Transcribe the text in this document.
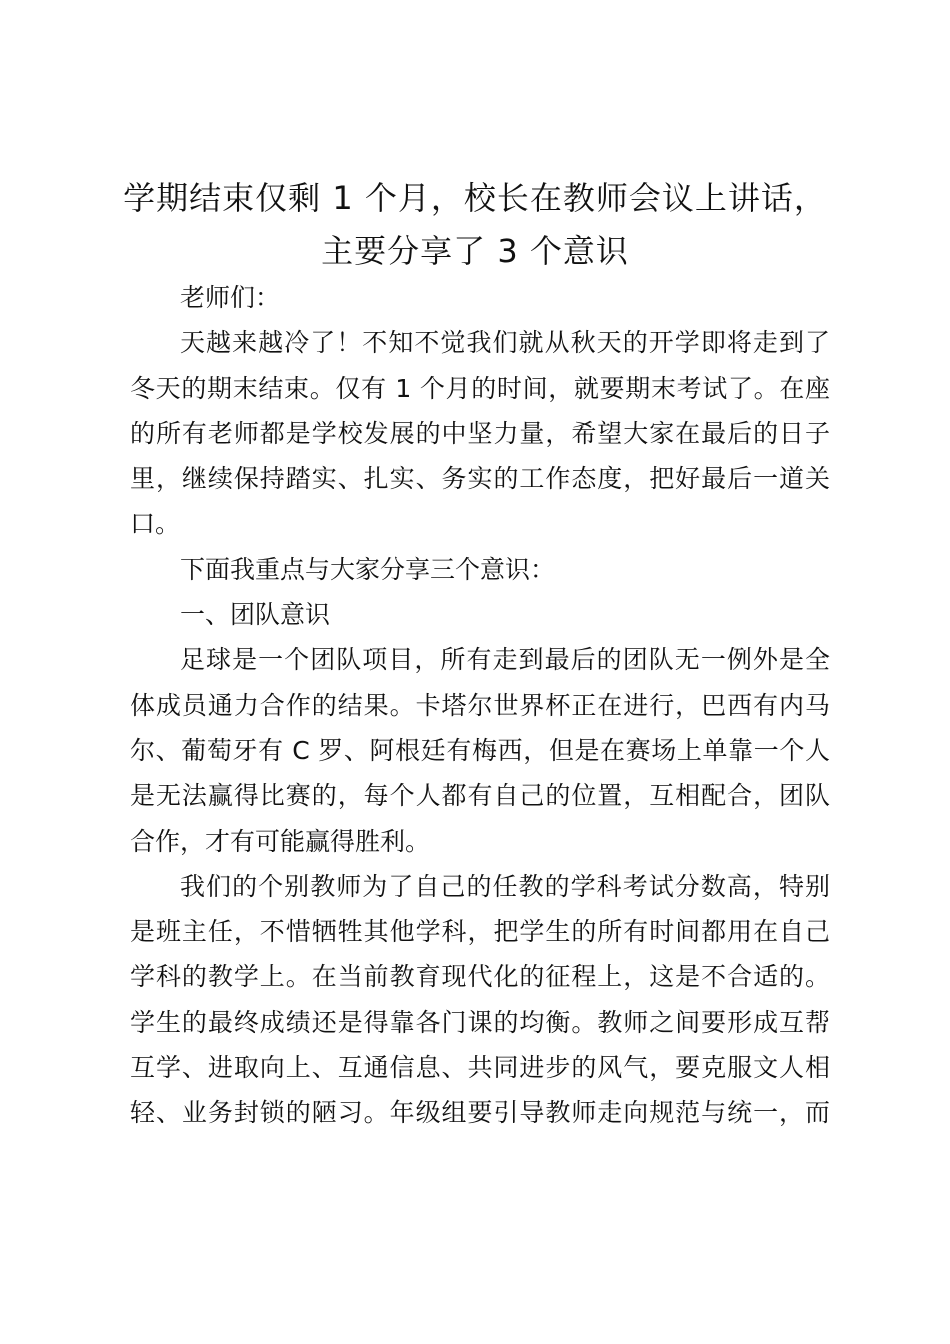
学期结束仅剩 1 个月，校长在教师会议上讲话，
主要分享了 3 个意识

老师们：

天越来越冷了！不知不觉我们就从秋天的开学即将走到了
冬天的期末结束。仅有 1 个月的时间，就要期末考试了。在座
的所有老师都是学校发展的中坚力量，希望大家在最后的日子
里，继续保持踏实、扎实、务实的工作态度，把好最后一道关
口。

下面我重点与大家分享三个意识：

一、团队意识

足球是一个团队项目，所有走到最后的团队无一例外是全
体成员通力合作的结果。卡塔尔世界杯正在进行，巴西有内马
尔、葡萄牙有 C 罗、阿根廷有梅西，但是在赛场上单靠一个人
是无法赢得比赛的，每个人都有自己的位置，互相配合，团队
合作，才有可能赢得胜利。

我们的个别教师为了自己的任教的学科考试分数高，特别
是班主任，不惜牺牲其他学科，把学生的所有时间都用在自己
学科的教学上。在当前教育现代化的征程上，这是不合适的。
学生的最终成绩还是得靠各门课的均衡。教师之间要形成互帮
互学、进取向上、互通信息、共同进步的风气，要克服文人相
轻、业务封锁的陋习。年级组要引导教师走向规范与统一，而
